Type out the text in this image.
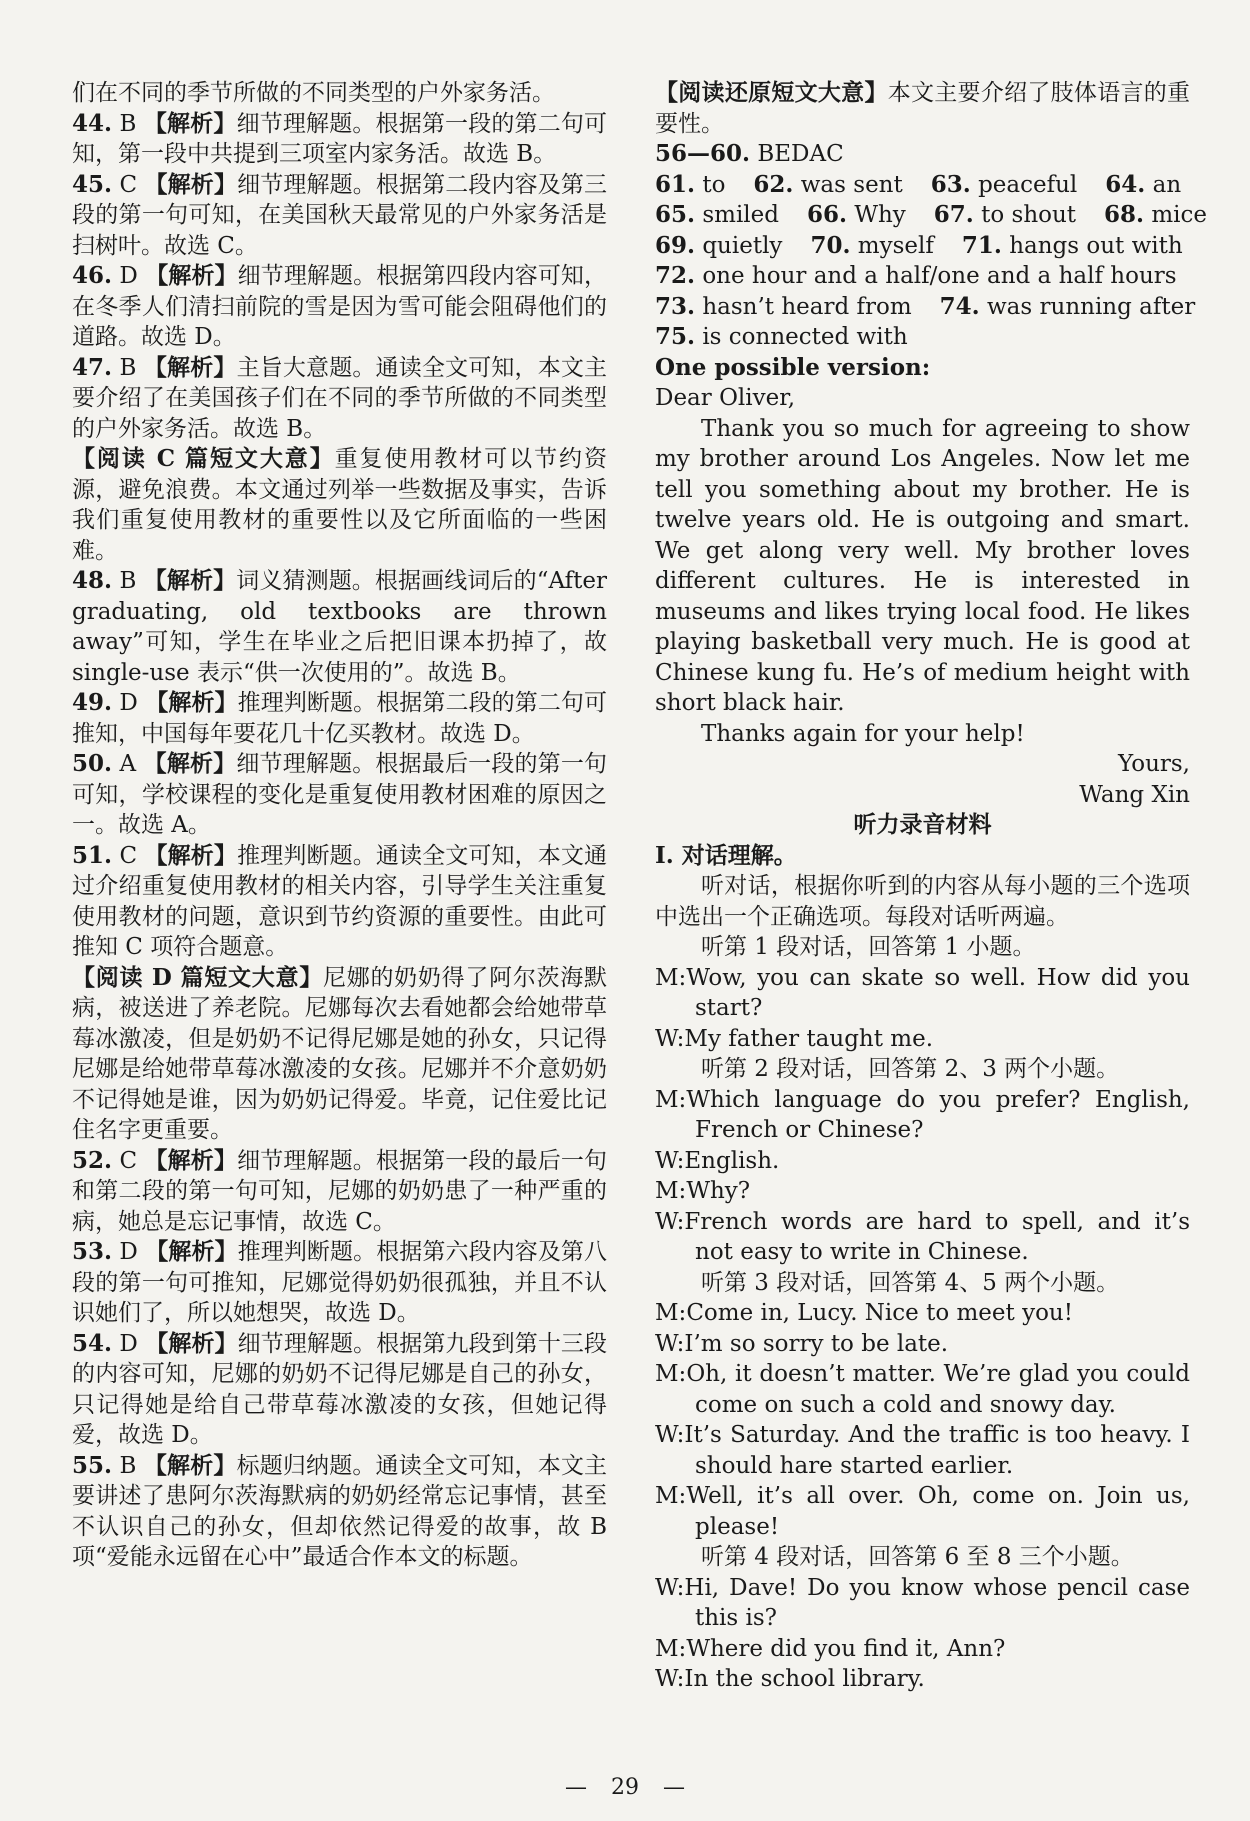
们在不同的季节所做的不同类型的户外家务活。

44. B 【解析】细节理解题。根据第一段的第二句可知，第一段中共提到三项室内家务活。故选 B。

45. C 【解析】细节理解题。根据第二段内容及第三段的第一句可知，在美国秋天最常见的户外家务活是扫树叶。故选 C。

46. D 【解析】细节理解题。根据第四段内容可知，在冬季人们清扫前院的雪是因为雪可能会阻碍他们的道路。故选 D。

47. B 【解析】主旨大意题。通读全文可知，本文主要介绍了在美国孩子们在不同的季节所做的不同类型的户外家务活。故选 B。

【阅读 C 篇短文大意】重复使用教材可以节约资源，避免浪费。本文通过列举一些数据及事实，告诉我们重复使用教材的重要性以及它所面临的一些困难。

48. B 【解析】词义猜测题。根据画线词后的“After graduating, old textbooks are thrown away”可知，学生在毕业之后把旧课本扔掉了，故 single-use 表示“供一次使用的”。故选 B。

49. D 【解析】推理判断题。根据第二段的第二句可推知，中国每年要花几十亿买教材。故选 D。

50. A 【解析】细节理解题。根据最后一段的第一句可知，学校课程的变化是重复使用教材困难的原因之一。故选 A。

51. C 【解析】推理判断题。通读全文可知，本文通过介绍重复使用教材的相关内容，引导学生关注重复使用教材的问题，意识到节约资源的重要性。由此可推知 C 项符合题意。

【阅读 D 篇短文大意】尼娜的奶奶得了阿尔茨海默病，被送进了养老院。尼娜每次去看她都会给她带草莓冰激凌，但是奶奶不记得尼娜是她的孙女，只记得尼娜是给她带草莓冰激凌的女孩。尼娜并不介意奶奶不记得她是谁，因为奶奶记得爱。毕竟，记住爱比记住名字更重要。

52. C 【解析】细节理解题。根据第一段的最后一句和第二段的第一句可知，尼娜的奶奶患了一种严重的病，她总是忘记事情，故选 C。

53. D 【解析】推理判断题。根据第六段内容及第八段的第一句可推知，尼娜觉得奶奶很孤独，并且不认识她们了，所以她想哭，故选 D。

54. D 【解析】细节理解题。根据第九段到第十三段的内容可知，尼娜的奶奶不记得尼娜是自己的孙女，只记得她是给自己带草莓冰激凌的女孩，但她记得爱，故选 D。

55. B 【解析】标题归纳题。通读全文可知，本文主要讲述了患阿尔茨海默病的奶奶经常忘记事情，甚至不认识自己的孙女，但却依然记得爱的故事，故 B 项“爱能永远留在心中”最适合作本文的标题。

【阅读还原短文大意】本文主要介绍了肢体语言的重要性。

56—60. BEDAC

61. to 62. was sent 63. peaceful 64. an

65. smiled 66. Why 67. to shout 68. mice

69. quietly 70. myself 71. hangs out with

72. one hour and a half/one and a half hours

73. hasn’t heard from 74. was running after

75. is connected with

One possible version:

Dear Oliver,

Thank you so much for agreeing to show my brother around Los Angeles. Now let me tell you something about my brother. He is twelve years old. He is outgoing and smart. We get along very well. My brother loves different cultures. He is interested in museums and likes trying local food. He likes playing basketball very much. He is good at Chinese kung fu. He’s of medium height with short black hair.

Thanks again for your help!

Yours,

Wang Xin

听力录音材料

Ⅰ. 对话理解。

听对话，根据你听到的内容从每小题的三个选项中选出一个正确选项。每段对话听两遍。

听第 1 段对话，回答第 1 小题。

M:Wow, you can skate so well. How did you start?

W:My father taught me.

听第 2 段对话，回答第 2、3 两个小题。

M:Which language do you prefer? English, French or Chinese?

W:English.

M:Why?

W:French words are hard to spell, and it’s not easy to write in Chinese.

听第 3 段对话，回答第 4、5 两个小题。

M:Come in, Lucy. Nice to meet you!

W:I’m so sorry to be late.

M:Oh, it doesn’t matter. We’re glad you could come on such a cold and snowy day.

W:It’s Saturday. And the traffic is too heavy. I should hare started earlier.

M:Well, it’s all over. Oh, come on. Join us, please!

听第 4 段对话，回答第 6 至 8 三个小题。

W:Hi, Dave! Do you know whose pencil case this is?

M:Where did you find it, Ann?

W:In the school library.

— 29 —
